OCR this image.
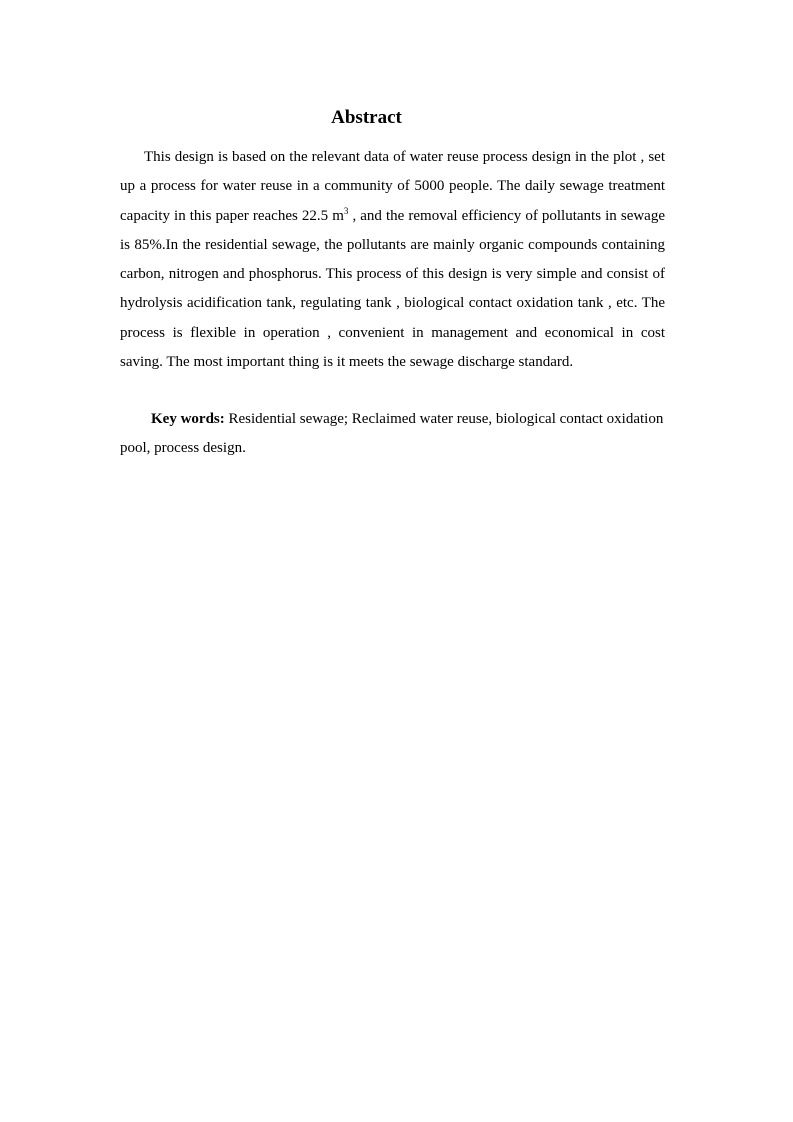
Abstract

This design is based on the relevant data of water reuse process design in the plot , set up a process for water reuse in a community of 5000 people. The daily sewage treatment capacity in this paper reaches 22.5 $m^3$ , and the removal efficiency of pollutants in sewage is 85%.In the residential sewage, the pollutants are mainly organic compounds containing carbon, nitrogen and phosphorus. This process of this design is very simple and consist of hydrolysis acidification tank, regulating tank , biological contact oxidation tank , etc. The process is flexible in operation , convenient in management and economical in cost saving. The most important thing is it meets the sewage discharge standard.

Key words: Residential sewage; Reclaimed water reuse, biological contact oxidation pool, process design.
